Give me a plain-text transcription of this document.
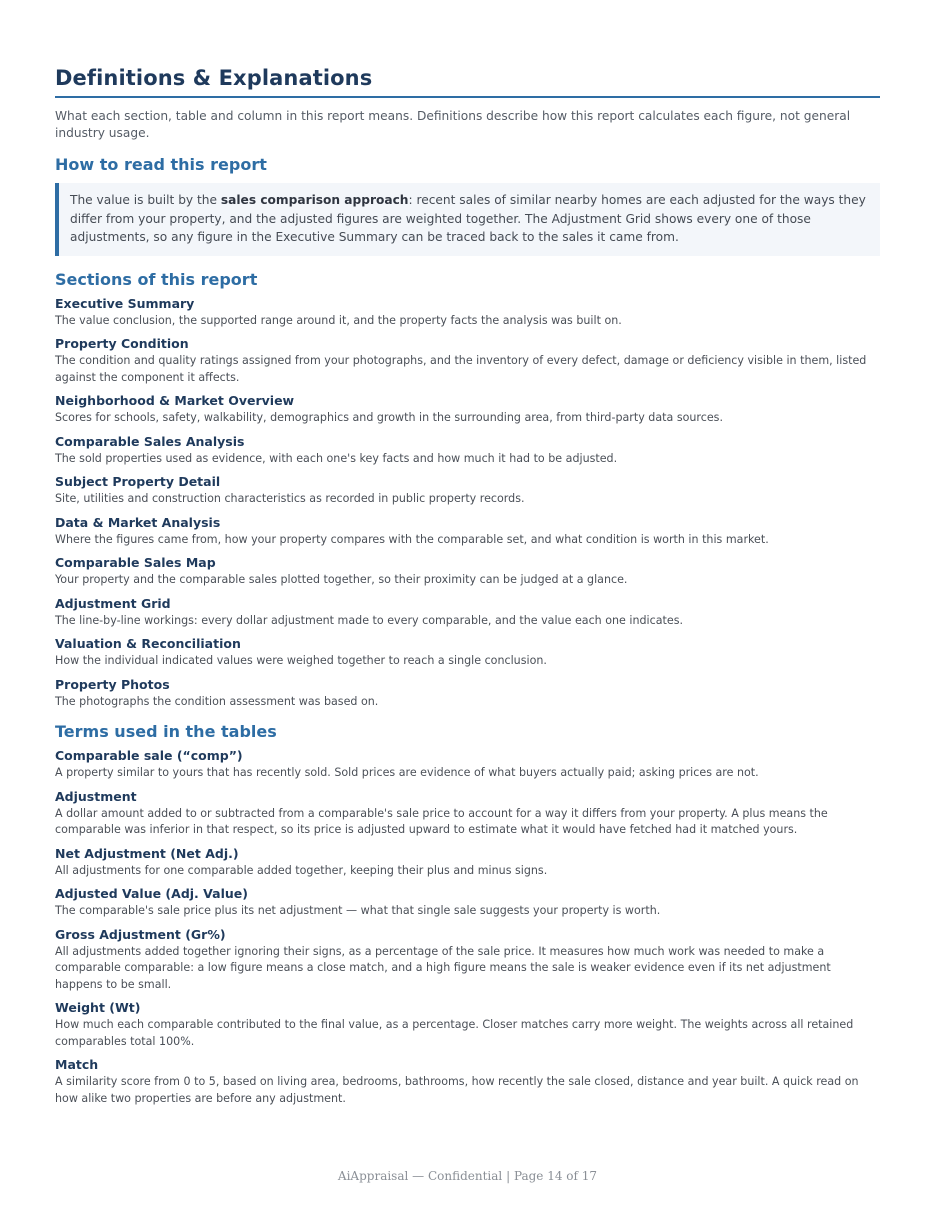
Definitions & Explanations

What each section, table and column in this report means. Definitions describe how this report calculates each figure, not general industry usage.

How to read this report

The value is built by the sales comparison approach: recent sales of similar nearby homes are each adjusted for the ways they differ from your property, and the adjusted figures are weighted together. The Adjustment Grid shows every one of those adjustments, so any figure in the Executive Summary can be traced back to the sales it came from.

Sections of this report

Executive Summary

The value conclusion, the supported range around it, and the property facts the analysis was built on.

Property Condition

The condition and quality ratings assigned from your photographs, and the inventory of every defect, damage or deficiency visible in them, listed against the component it affects.

Neighborhood & Market Overview

Scores for schools, safety, walkability, demographics and growth in the surrounding area, from third-party data sources.

Comparable Sales Analysis

The sold properties used as evidence, with each one's key facts and how much it had to be adjusted.

Subject Property Detail

Site, utilities and construction characteristics as recorded in public property records.

Data & Market Analysis

Where the figures came from, how your property compares with the comparable set, and what condition is worth in this market.

Comparable Sales Map

Your property and the comparable sales plotted together, so their proximity can be judged at a glance.

Adjustment Grid

The line-by-line workings: every dollar adjustment made to every comparable, and the value each one indicates.

Valuation & Reconciliation

How the individual indicated values were weighed together to reach a single conclusion.

Property Photos

The photographs the condition assessment was based on.

Terms used in the tables

Comparable sale (“comp”)

A property similar to yours that has recently sold. Sold prices are evidence of what buyers actually paid; asking prices are not.

Adjustment

A dollar amount added to or subtracted from a comparable's sale price to account for a way it differs from your property. A plus means the comparable was inferior in that respect, so its price is adjusted upward to estimate what it would have fetched had it matched yours.

Net Adjustment (Net Adj.)

All adjustments for one comparable added together, keeping their plus and minus signs.

Adjusted Value (Adj. Value)

The comparable's sale price plus its net adjustment — what that single sale suggests your property is worth.

Gross Adjustment (Gr%)

All adjustments added together ignoring their signs, as a percentage of the sale price. It measures how much work was needed to make a comparable comparable: a low figure means a close match, and a high figure means the sale is weaker evidence even if its net adjustment happens to be small.

Weight (Wt)

How much each comparable contributed to the final value, as a percentage. Closer matches carry more weight. The weights across all retained comparables total 100%.

Match

A similarity score from 0 to 5, based on living area, bedrooms, bathrooms, how recently the sale closed, distance and year built. A quick read on how alike two properties are before any adjustment.

AiAppraisal — Confidential | Page 14 of 17
